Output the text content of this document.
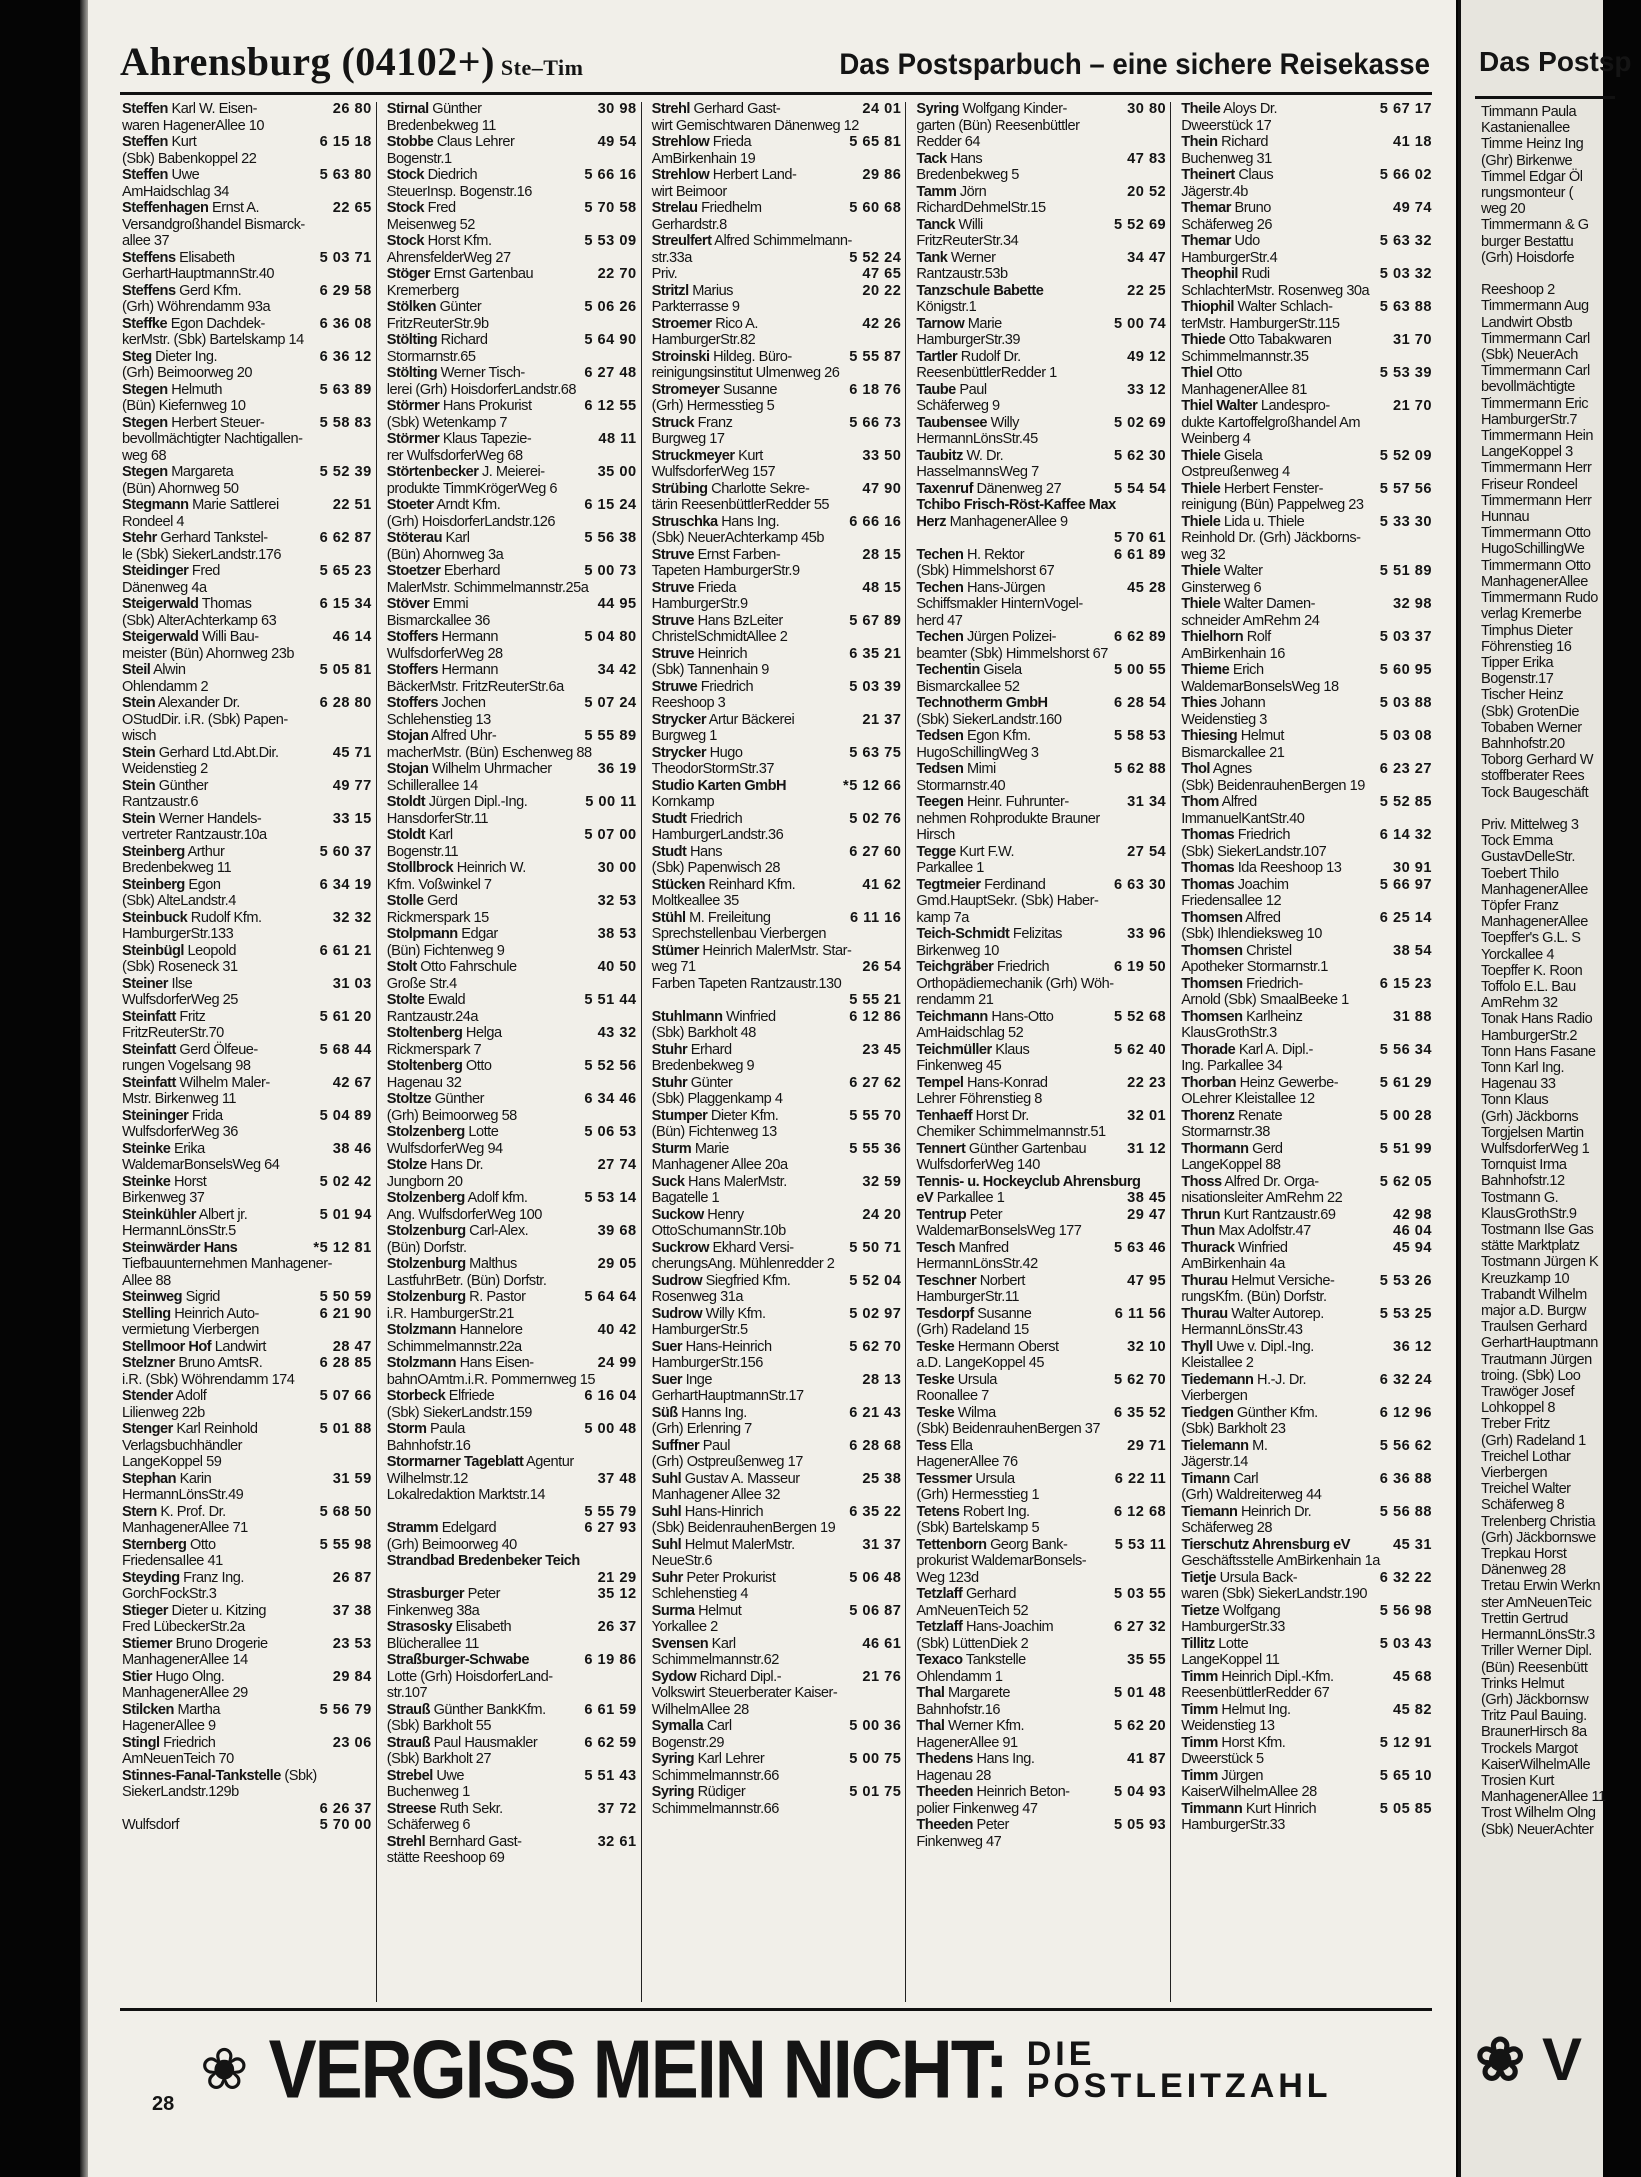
Ahrensburg (04102+) Ste–Tim	Das Postsparbuch – eine sichere Reisekasse
Steffen Karl W. Eisen-	26 80
waren HagenerAllee 10
Steffen Kurt	6 15 18
(Sbk) Babenkoppel 22
Steffen Uwe	5 63 80
AmHaidschlag 34
Steffenhagen Ernst A.	22 65
Versandgroßhandel Bismarck-
allee 37
Steffens Elisabeth	5 03 71
GerhartHauptmannStr.40
Steffens Gerd Kfm.	6 29 58
(Grh) Wöhrendamm 93a
Steffke Egon Dachdek-	6 36 08
kerMstr. (Sbk) Bartelskamp 14
Steg Dieter Ing.	6 36 12
(Grh) Beimoorweg 20
Stegen Helmuth	5 63 89
(Bün) Kiefernweg 10
Stegen Herbert Steuer-	5 58 83
bevollmächtigter Nachtigallen-
weg 68
Stegen Margareta	5 52 39
(Bün) Ahornweg 50
Stegmann Marie Sattlerei	22 51
Rondeel 4
Stehr Gerhard Tankstel-	6 62 87
le (Sbk) SiekerLandstr.176
Steidinger Fred	5 65 23
Dänenweg 4a
Steigerwald Thomas	6 15 34
(Sbk) AlterAchterkamp 63
Steigerwald Willi Bau-	46 14
meister (Bün) Ahornweg 23b
Steil Alwin	5 05 81
Ohlendamm 2
Stein Alexander Dr.	6 28 80
OStudDir. i.R. (Sbk) Papen-
wisch
Stein Gerhard Ltd.Abt.Dir.	45 71
Weidenstieg 2
Stein Günther	49 77
Rantzaustr.6
Stein Werner Handels-	33 15
vertreter Rantzaustr.10a
Steinberg Arthur	5 60 37
Bredenbekweg 11
Steinberg Egon	6 34 19
(Sbk) AlteLandstr.4
Steinbuck Rudolf Kfm.	32 32
HamburgerStr.133
Steinbügl Leopold	6 61 21
(Sbk) Roseneck 31
Steiner Ilse	31 03
WulfsdorferWeg 25
Steinfatt Fritz	5 61 20
FritzReuterStr.70
Steinfatt Gerd Ölfeue-	5 68 44
rungen Vogelsang 98
Steinfatt Wilhelm Maler-	42 67
Mstr. Birkenweg 11
Steininger Frida	5 04 89
WulfsdorferWeg 36
Steinke Erika	38 46
WaldemarBonselsWeg 64
Steinke Horst	5 02 42
Birkenweg 37
Steinkühler Albert jr.	5 01 94
HermannLönsStr.5
Steinwärder Hans	*5 12 81
Tiefbauunternehmen Manhagener-
Allee 88
Steinweg Sigrid	5 50 59
Stelling Heinrich Auto-	6 21 90
vermietung Vierbergen
Stellmoor Hof Landwirt	28 47
Stelzner Bruno AmtsR.	6 28 85
i.R. (Sbk) Wöhrendamm 174
Stender Adolf	5 07 66
Lilienweg 22b
Stenger Karl Reinhold	5 01 88
Verlagsbuchhändler
LangeKoppel 59
Stephan Karin	31 59
HermannLönsStr.49
Stern K. Prof. Dr.	5 68 50
ManhagenerAllee 71
Sternberg Otto	5 55 98
FriedensaIlee 41
Steyding Franz Ing.	26 87
GorchFockStr.3
Stieger Dieter u. Kitzing	37 38
Fred LübeckerStr.2a
Stiemer Bruno Drogerie	23 53
ManhagenerAllee 14
Stier Hugo Olng.	29 84
ManhagenerAllee 29
Stilcken Martha	5 56 79
HagenerAllee 9
Stingl Friedrich	23 06
AmNeuenTeich 70
Stinnes-Fanal-Tankstelle (Sbk)
SiekerLandstr.129b
6 26 37
Wulfsdorf	5 70 00
Stirnal Günther	30 98
Bredenbekweg 11
Stobbe Claus Lehrer	49 54
Bogenstr.1
Stock Diedrich	5 66 16
SteuerInsp. Bogenstr.16
Stock Fred	5 70 58
Meisenweg 52
Stock Horst Kfm.	5 53 09
AhrensfelderWeg 27
Stöger Ernst Gartenbau	22 70
Kremerberg
Stölken Günter	5 06 26
FritzReuterStr.9b
Stölting Richard	5 64 90
Stormarnstr.65
Stölting Werner Tisch-	6 27 48
lerei (Grh) HoisdorferLandstr.68
Störmer Hans Prokurist	6 12 55
(Sbk) Wetenkamp 7
Störmer Klaus Tapezie-	48 11
rer WulfsdorferWeg 68
Störtenbecker J. Meierei-	35 00
produkte TimmKrögerWeg 6
Stoeter Arndt Kfm.	6 15 24
(Grh) HoisdorferLandstr.126
Stöterau Karl	5 56 38
(Bün) Ahornweg 3a
Stoetzer Eberhard	5 00 73
MalerMstr. Schimmelmannstr.25a
Stöver Emmi	44 95
Bismarckallee 36
Stoffers Hermann	5 04 80
WulfsdorferWeg 28
Stoffers Hermann	34 42
BäckerMstr. FritzReuterStr.6a
Stoffers Jochen	5 07 24
Schlehenstieg 13
Stojan Alfred Uhr-	5 55 89
macherMstr. (Bün) Eschenweg 88
Stojan Wilhelm Uhrmacher	36 19
Schillerallee 14
Stoldt Jürgen Dipl.-Ing.	5 00 11
HansdorferStr.11
Stoldt Karl	5 07 00
Bogenstr.11
Stollbrock Heinrich W.	30 00
Kfm. Voßwinkel 7
Stolle Gerd	32 53
Rickmerspark 15
Stolpmann Edgar	38 53
(Bün) Fichtenweg 9
Stolt Otto Fahrschule	40 50
Große Str.4
Stolte Ewald	5 51 44
Rantzaustr.24a
Stoltenberg Helga	43 32
Rickmerspark 7
Stoltenberg Otto	5 52 56
Hagenau 32
Stoltze Günther	6 34 46
(Grh) Beimoorweg 58
Stolzenberg Lotte	5 06 53
WulfsdorferWeg 94
Stolze Hans Dr.	27 74
Jungborn 20
Stolzenberg Adolf kfm.	5 53 14
Ang. WulfsdorferWeg 100
Stolzenburg Carl-Alex.	39 68
(Bün) Dorfstr.
Stolzenburg Malthus	29 05
LastfuhrBetr. (Bün) Dorfstr.
Stolzenburg R. Pastor	5 64 64
i.R. HamburgerStr.21
Stolzmann Hannelore	40 42
Schimmelmannstr.22a
Stolzmann Hans Eisen-	24 99
bahnOAmtm.i.R. Pommernweg 15
Storbeck Elfriede	6 16 04
(Sbk) SiekerLandstr.159
Storm Paula	5 00 48
Bahnhofstr.16
Stormarner Tageblatt Agentur
Wilhelmstr.12	37 48
Lokalredaktion Marktstr.14
5 55 79
Stramm Edelgard	6 27 93
(Grh) Beimoorweg 40
Strandbad Bredenbeker Teich
21 29
Strasburger Peter	35 12
Finkenweg 38a
Strasosky Elisabeth	26 37
Blücherallee 11
Straßburger-Schwabe	6 19 86
Lotte (Grh) HoisdorferLand-
str.107
Strauß Günther BankKfm.	6 61 59
(Sbk) Barkholt 55
Strauß Paul Hausmakler	6 62 59
(Sbk) Barkholt 27
Strebel Uwe	5 51 43
Buchenweg 1
Streese Ruth Sekr.	37 72
Schäferweg 6
Strehl Bernhard Gast-	32 61
stätte Reeshoop 69
Strehl Gerhard Gast-	24 01
wirt Gemischtwaren Dänenweg 12
Strehlow Frieda	5 65 81
AmBirkenhain 19
Strehlow Herbert Land-	29 86
wirt Beimoor
Strelau Friedhelm	5 60 68
Gerhardstr.8
Streulfert Alfred Schimmelmann-
str.33a	5 52 24
Priv.	47 65
Stritzl Marius	20 22
Parkterrasse 9
Stroemer Rico A.	42 26
HamburgerStr.82
Stroinski Hildeg. Büro-	5 55 87
reinigungsinstitut Ulmenweg 26
Stromeyer Susanne	6 18 76
(Grh) Hermesstieg 5
Struck Franz	5 66 73
Burgweg 17
Struckmeyer Kurt	33 50
WulfsdorferWeg 157
Strübing Charlotte Sekre-	47 90
tärin ReesenbüttlerRedder 55
Struschka Hans Ing.	6 66 16
(Sbk) NeuerAchterkamp 45b
Struve Ernst Farben-	28 15
Tapeten HamburgerStr.9
Struve Frieda	48 15
HamburgerStr.9
Struve Hans BzLeiter	5 67 89
ChristelSchmidtAllee 2
Struve Heinrich	6 35 21
(Sbk) Tannenhain 9
Struwe Friedrich	5 03 39
Reeshoop 3
Strycker Artur Bäckerei	21 37
Burgweg 1
Strycker Hugo	5 63 75
TheodorStormStr.37
Studio Karten GmbH	*5 12 66
Kornkamp
Studt Friedrich	5 02 76
HamburgerLandstr.36
Studt Hans	6 27 60
(Sbk) Papenwisch 28
Stücken Reinhard Kfm.	41 62
Moltkeallee 35
Stühl M. Freileitung	6 11 16
Sprechstellenbau Vierbergen
Stümer Heinrich MalerMstr. Star-
weg 71	26 54
Farben Tapeten Rantzaustr.130
5 55 21
Stuhlmann Winfried	6 12 86
(Sbk) Barkholt 48
Stuhr Erhard	23 45
Bredenbekweg 9
Stuhr Günter	6 27 62
(Sbk) Plaggenkamp 4
Stumper Dieter Kfm.	5 55 70
(Bün) Fichtenweg 13
Sturm Marie	5 55 36
Manhagener Allee 20a
Suck Hans MalerMstr.	32 59
Bagatelle 1
Suckow Henry	24 20
OttoSchumannStr.10b
Suckrow Ekhard Versi-	5 50 71
cherungsAng. Mühlenredder 2
Sudrow Siegfried Kfm.	5 52 04
Rosenweg 31a
Sudrow Willy Kfm.	5 02 97
HamburgerStr.5
Suer Hans-Heinrich	5 62 70
HamburgerStr.156
Suer Inge	28 13
GerhartHauptmannStr.17
Süß Hanns Ing.	6 21 43
(Grh) Erlenring 7
Suffner Paul	6 28 68
(Grh) Ostpreußenweg 17
Suhl Gustav A. Masseur	25 38
Manhagener Allee 32
Suhl Hans-Hinrich	6 35 22
(Sbk) BeidenrauhenBergen 19
Suhl Helmut MalerMstr.	31 37
NeueStr.6
Suhr Peter Prokurist	5 06 48
Schlehenstieg 4
Surma Helmut	5 06 87
Yorkallee 2
Svensen Karl	46 61
Schimmelmannstr.62
Sydow Richard Dipl.-	21 76
Volkswirt Steuerberater Kaiser-
WilhelmAllee 28
Symalla Carl	5 00 36
Bogenstr.29
Syring Karl Lehrer	5 00 75
Schimmelmannstr.66
Syring Rüdiger	5 01 75
Schimmelmannstr.66
Syring Wolfgang Kinder-	30 80
garten (Bün) Reesenbüttler
Redder 64
Tack Hans	47 83
Bredenbekweg 5
Tamm Jörn	20 52
RichardDehmelStr.15
Tanck Willi	5 52 69
FritzReuterStr.34
Tank Werner	34 47
Rantzaustr.53b
Tanzschule Babette	22 25
Königstr.1
Tarnow Marie	5 00 74
HamburgerStr.39
Tartler Rudolf Dr.	49 12
ReesenbüttlerRedder 1
Taube Paul	33 12
Schäferweg 9
Taubensee Willy	5 02 69
HermannLönsStr.45
Taubitz W. Dr.	5 62 30
HasselmannsWeg 7
Taxenruf Dänenweg 27	5 54 54
Tchibo Frisch-Röst-Kaffee Max
Herz ManhagenerAllee 9
5 70 61
Techen H. Rektor	6 61 89
(Sbk) Himmelshorst 67
Techen Hans-Jürgen	45 28
Schiffsmakler HinternVogel-
herd 47
Techen Jürgen Polizei-	6 62 89
beamter (Sbk) Himmelshorst 67
Techentin Gisela	5 00 55
Bismarckallee 52
Technotherm GmbH	6 28 54
(Sbk) SiekerLandstr.160
Tedsen Egon Kfm.	5 58 53
HugoSchillingWeg 3
Tedsen Mimi	5 62 88
Stormarnstr.40
Teegen Heinr. Fuhrunter-	31 34
nehmen Rohprodukte Brauner
Hirsch
Tegge Kurt F.W.	27 54
Parkallee 1
Tegtmeier Ferdinand	6 63 30
Gmd.HauptSekr. (Sbk) Haber-
kamp 7a
Teich-Schmidt Felizitas	33 96
Birkenweg 10
Teichgräber Friedrich	6 19 50
Orthopädiemechanik (Grh) Wöh-
rendamm 21
Teichmann Hans-Otto	5 52 68
AmHaidschlag 52
Teichmüller Klaus	5 62 40
Finkenweg 45
Tempel Hans-Konrad	22 23
Lehrer Föhrenstieg 8
Tenhaeff Horst Dr.	32 01
Chemiker Schimmelmannstr.51
Tennert Günther Gartenbau	31 12
WulfsdorferWeg 140
Tennis- u. Hockeyclub Ahrensburg
eV Parkallee 1	38 45
Tentrup Peter	29 47
WaldemarBonselsWeg 177
Tesch Manfred	5 63 46
HermannLönsStr.42
Teschner Norbert	47 95
HamburgerStr.11
Tesdorpf Susanne	6 11 56
(Grh) Radeland 15
Teske Hermann Oberst	32 10
a.D. LangeKoppel 45
Teske Ursula	5 62 70
Roonallee 7
Teske Wilma	6 35 52
(Sbk) BeidenrauhenBergen 37
Tess Ella	29 71
HagenerAllee 76
Tessmer Ursula	6 22 11
(Grh) Hermesstieg 1
Tetens Robert Ing.	6 12 68
(Sbk) Bartelskamp 5
Tettenborn Georg Bank-	5 53 11
prokurist WaldemarBonsels-
Weg 123d
Tetzlaff Gerhard	5 03 55
AmNeuenTeich 52
Tetzlaff Hans-Joachim	6 27 32
(Sbk) LüttenDiek 2
Texaco Tankstelle	35 55
Ohlendamm 1
Thal Margarete	5 01 48
Bahnhofstr.16
Thal Werner Kfm.	5 62 20
HagenerAllee 91
Thedens Hans Ing.	41 87
Hagenau 28
Theeden Heinrich Beton-	5 04 93
polier Finkenweg 47
Theeden Peter	5 05 93
Finkenweg 47
Theile Aloys Dr.	5 67 17
Dweerstück 17
Thein Richard	41 18
Buchenweg 31
Theinert Claus	5 66 02
Jägerstr.4b
Themar Bruno	49 74
Schäferweg 26
Themar Udo	5 63 32
HamburgerStr.4
Theophil Rudi	5 03 32
SchlachterMstr. Rosenweg 30a
Thiophil Walter Schlach-	5 63 88
terMstr. HamburgerStr.115
Thiede Otto Tabakwaren	31 70
Schimmelmannstr.35
Thiel Otto	5 53 39
ManhagenerAllee 81
Thiel Walter Landespro-	21 70
dukte Kartoffelgroßhandel Am
Weinberg 4
Thiele Gisela	5 52 09
Ostpreußenweg 4
Thiele Herbert Fenster-	5 57 56
reinigung (Bün) Pappelweg 23
Thiele Lida u. Thiele	5 33 30
Reinhold Dr. (Grh) Jäckborns-
weg 32
Thiele Walter	5 51 89
Ginsterweg 6
Thiele Walter Damen-	32 98
schneider AmRehm 24
Thielhorn Rolf	5 03 37
AmBirkenhain 16
Thieme Erich	5 60 95
WaldemarBonselsWeg 18
Thies Johann	5 03 88
Weidenstieg 3
Thiesing Helmut	5 03 08
Bismarckallee 21
Thol Agnes	6 23 27
(Sbk) BeidenrauhenBergen 19
Thom Alfred	5 52 85
ImmanuelKantStr.40
Thomas Friedrich	6 14 32
(Sbk) SiekerLandstr.107
Thomas Ida Reeshoop 13	30 91
Thomas Joachim	5 66 97
Friedensallee 12
Thomsen Alfred	6 25 14
(Sbk) Ihlendieksweg 10
Thomsen Christel	38 54
Apotheker Stormarnstr.1
Thomsen Friedrich-	6 15 23
Arnold (Sbk) SmaalBeeke 1
Thomsen Karlheinz	31 88
KlausGrothStr.3
Thorade Karl A. Dipl.-	5 56 34
Ing. Parkallee 34
Thorban Heinz Gewerbe-	5 61 29
OLehrer Kleistallee 12
Thorenz Renate	5 00 28
Stormarnstr.38
Thormann Gerd	5 51 99
LangeKoppel 88
Thoss Alfred Dr. Orga-	5 62 05
nisationsleiter AmRehm 22
Thrun Kurt Rantzaustr.69	42 98
Thun Max Adolfstr.47	46 04
Thurack Winfried	45 94
AmBirkenhain 4a
Thurau Helmut Versiche-	5 53 26
rungsKfm. (Bün) Dorfstr.
Thurau Walter Autorep.	5 53 25
HermannLönsStr.43
Thyll Uwe v. Dipl.-Ing.	36 12
Kleistallee 2
Tiedemann H.-J. Dr.	6 32 24
Vierbergen
Tiedgen Günther Kfm.	6 12 96
(Sbk) Barkholt 23
Tielemann M.	5 56 62
Jägerstr.14
Timann Carl	6 36 88
(Grh) Waldreiterweg 44
Tiemann Heinrich Dr.	5 56 88
Schäferweg 28
Tierschutz Ahrensburg eV	45 31
Geschäftsstelle AmBirkenhain 1a
Tietje Ursula Back-	6 32 22
waren (Sbk) SiekerLandstr.190
Tietze Wolfgang	5 56 98
HamburgerStr.33
Tillitz Lotte	5 03 43
LangeKoppel 11
Timm Heinrich Dipl.-Kfm.	45 68
ReesenbüttlerRedder 67
Timm Helmut Ing.	45 82
Weidenstieg 13
Timm Horst Kfm.	5 12 91
Dweerstück 5
Timm Jürgen	5 65 10
KaiserWilhelmAllee 28
Timmann Kurt Hinrich	5 05 85
HamburgerStr.33
❀ VERGISS MEIN NICHT: DIE
POSTLEITZAHL
28
Das Postsp
Timmann Paula
Kastanienallee
Timme Heinz Ing
(Ghr) Birkenwe
Timmel Edgar Öl
rungsmonteur (
weg 20
Timmermann & G
burger Bestattu
(Grh) Hoisdorfe

Reeshoop 2
Timmermann Aug
Landwirt Obstb
Timmermann Carl
(Sbk) NeuerAch
Timmermann Carl
bevollmächtigte
Timmermann Eric
HamburgerStr.7
Timmermann Hein
LangeKoppel 3
Timmermann Herr
Friseur Rondeel
Timmermann Herr
Hunnau
Timmermann Otto
HugoSchillingWe
Timmermann Otto
ManhagenerAllee
Timmermann Rudo
verlag Kremerbe
Timphus Dieter
Föhrenstieg 16
Tipper Erika
Bogenstr.17
Tischer Heinz
(Sbk) GrotenDie
Tobaben Werner
Bahnhofstr.20
Toborg Gerhard W
stoffberater Rees
Tock Baugeschäft

Priv. Mittelweg 3
Tock Emma
GustavDelleStr.
Toebert Thilo
ManhagenerAllee
Töpfer Franz
ManhagenerAllee
Toepffer's G.L. S
Yorckallee 4
Toepffer K. Roon
Toffolo E.L. Bau
AmRehm 32
Tonak Hans Radio
HamburgerStr.2
Tonn Hans Fasane
Tonn Karl Ing.
Hagenau 33
Tonn Klaus
(Grh) Jäckborns
Torgjelsen Martin
WulfsdorferWeg 1
Tornquist Irma
Bahnhofstr.12
Tostmann G.
KlausGrothStr.9
Tostmann Ilse Gas
stätte Marktplatz
Tostmann Jürgen K
Kreuzkamp 10
Trabandt Wilhelm
major a.D. Burgw
Traulsen Gerhard
GerhartHauptmann
Trautmann Jürgen
troing. (Sbk) Loo
Trawöger Josef
Lohkoppel 8
Treber Fritz
(Grh) Radeland 1
Treichel Lothar
Vierbergen
Treichel Walter
Schäferweg 8
Trelenberg Christia
(Grh) Jäckbornswe
Trepkau Horst
Dänenweg 28
Tretau Erwin Werkn
ster AmNeuenTeic
Trettin Gertrud
HermannLönsStr.3
Triller Werner Dipl.
(Bün) Reesenbütt
Trinks Helmut
(Grh) Jäckbornsw
Tritz Paul Bauing.
BraunerHirsch 8a
Trockels Margot
KaiserWilhelmAlle
Trosien Kurt
ManhagenerAllee 11
Trost Wilhelm Olng
(Sbk) NeuerAchter
❀ V
